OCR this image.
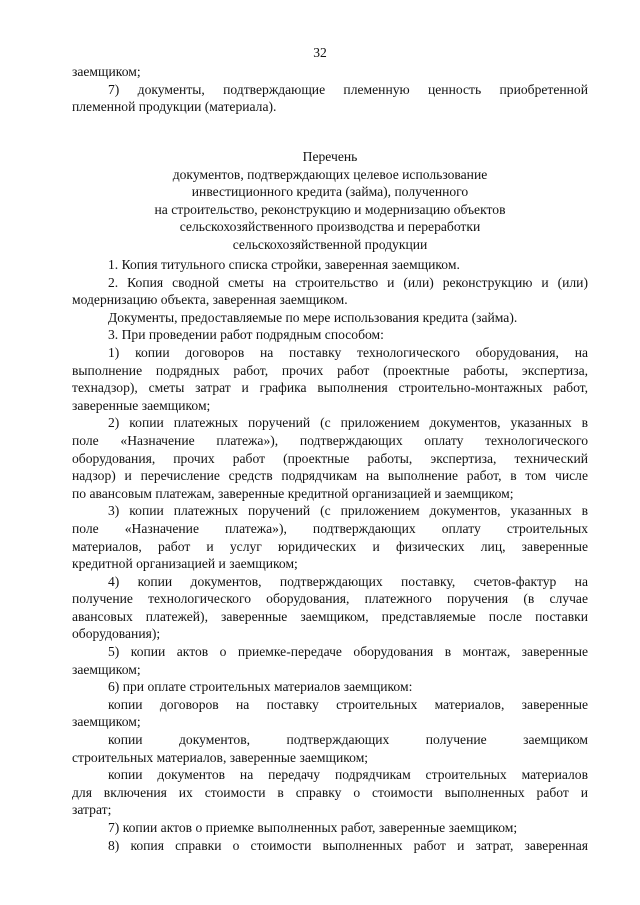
32
заемщиком;
7) документы, подтверждающие племенную ценность приобретенной
племенной продукции (материала).
Перечень
документов, подтверждающих целевое использование
инвестиционного кредита (займа), полученного
на строительство, реконструкцию и модернизацию объектов
сельскохозяйственного производства и переработки
сельскохозяйственной продукции
1. Копия титульного списка стройки, заверенная заемщиком.
2. Копия сводной сметы на строительство и (или) реконструкцию и (или)
модернизацию объекта, заверенная заемщиком.
Документы, предоставляемые по мере использования кредита (займа).
3. При проведении работ подрядным способом:
1) копии договоров на поставку технологического оборудования, на
выполнение подрядных работ, прочих работ (проектные работы, экспертиза,
технадзор), сметы затрат и графика выполнения строительно-монтажных работ,
заверенные заемщиком;
2) копии платежных поручений (с приложением документов, указанных в
поле «Назначение платежа»), подтверждающих оплату технологического
оборудования, прочих работ (проектные работы, экспертиза, технический
надзор) и перечисление средств подрядчикам на выполнение работ, в том числе
по авансовым платежам, заверенные кредитной организацией и заемщиком;
3) копии платежных поручений (с приложением документов, указанных в
поле «Назначение платежа»), подтверждающих оплату строительных
материалов, работ и услуг юридических и физических лиц, заверенные
кредитной организацией и заемщиком;
4) копии документов, подтверждающих поставку, счетов-фактур на
получение технологического оборудования, платежного поручения (в случае
авансовых платежей), заверенные заемщиком, представляемые после поставки
оборудования);
5) копии актов о приемке-передаче оборудования в монтаж, заверенные
заемщиком;
6) при оплате строительных материалов заемщиком:
копии договоров на поставку строительных материалов, заверенные
заемщиком;
копии документов, подтверждающих получение заемщиком
строительных материалов, заверенные заемщиком;
копии документов на передачу подрядчикам строительных материалов
для включения их стоимости в справку о стоимости выполненных работ и
затрат;
7) копии актов о приемке выполненных работ, заверенные заемщиком;
8) копия справки о стоимости выполненных работ и затрат, заверенная
